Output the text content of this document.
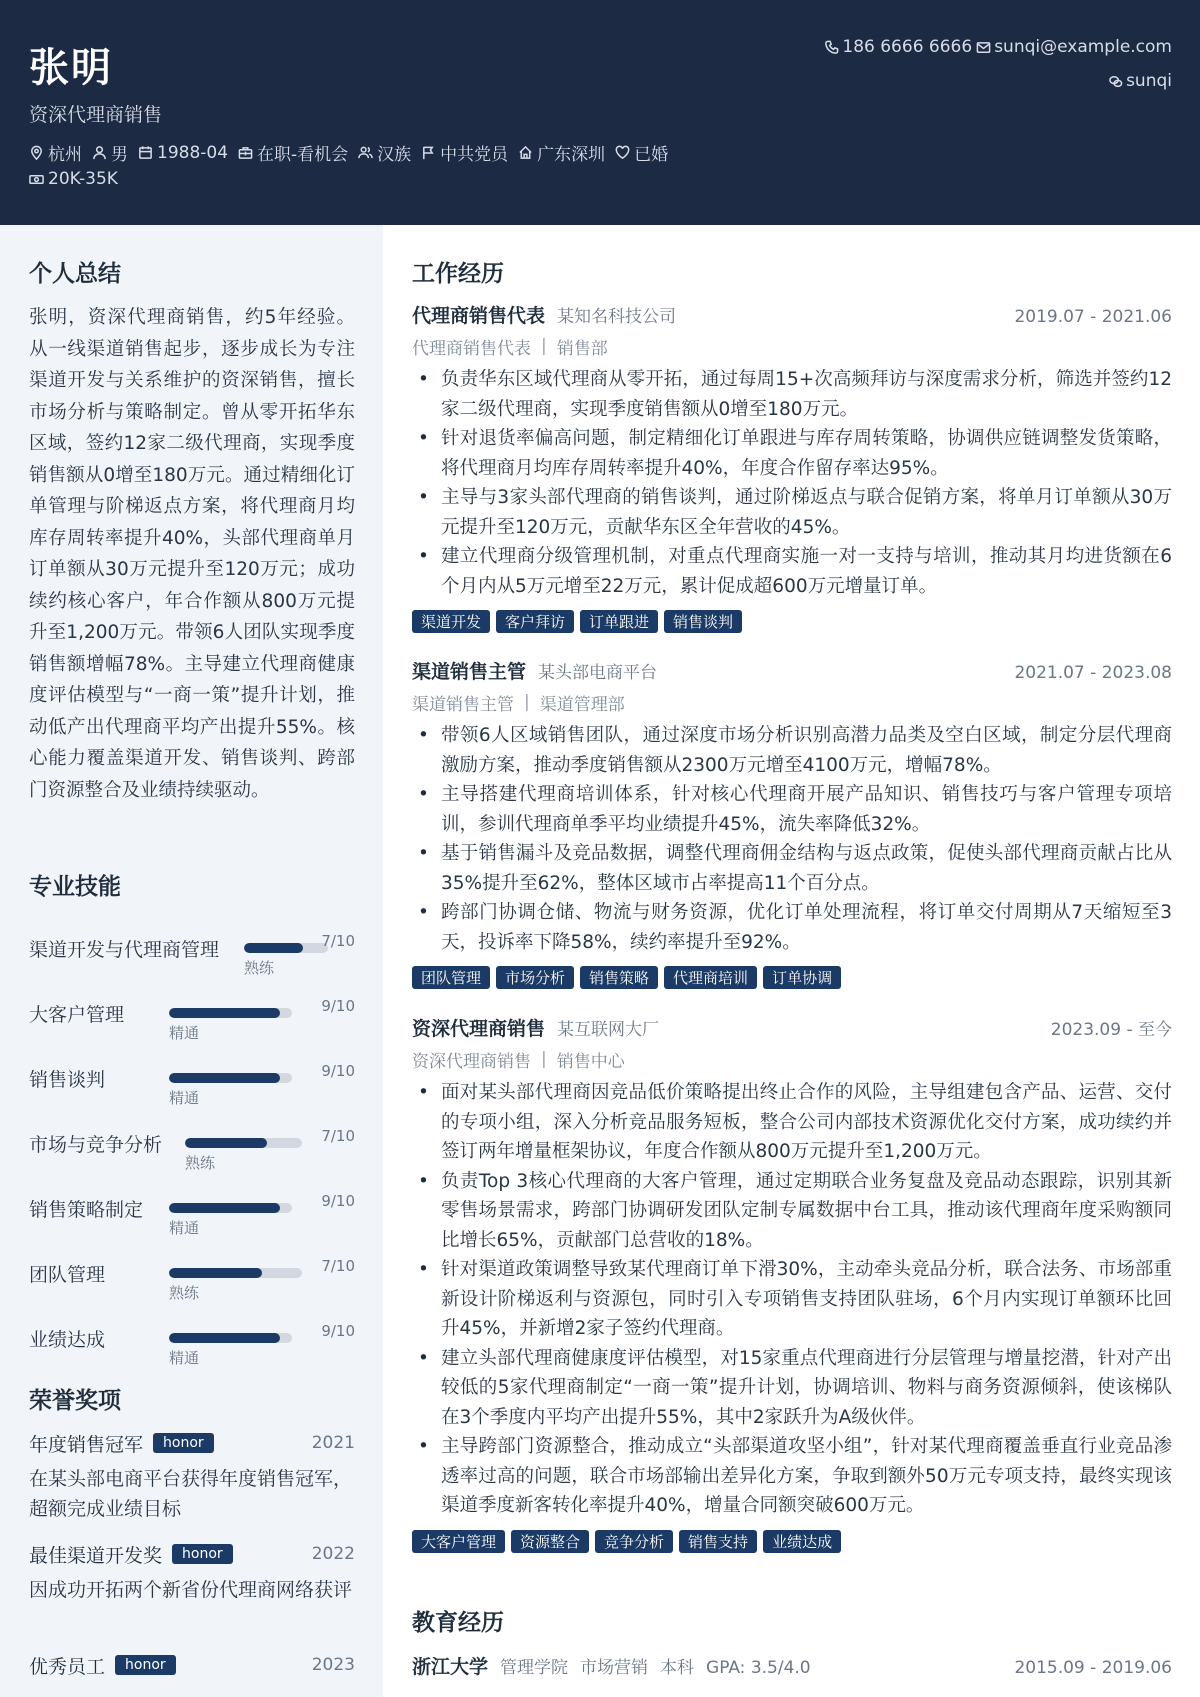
张明
资深代理商销售
杭州 男 1988-04 在职-看机会 汉族 中共党员 广东深圳 已婚
20K-35K
186 6666 6666 sunqi@example.com
sunqi
个人总结
张明，资深代理商销售，约5年经验。从一线渠道销售起步，逐步成长为专注渠道开发与关系维护的资深销售，擅长市场分析与策略制定。曾从零开拓华东区域，签约12家二级代理商，实现季度销售额从0增至180万元。通过精细化订单管理与阶梯返点方案，将代理商月均库存周转率提升40%，头部代理商单月订单额从30万元提升至120万元；成功续约核心客户，年合作额从800万元提升至1,200万元。带领6人团队实现季度销售额增幅78%。主导建立代理商健康度评估模型与“一商一策”提升计划，推动低产出代理商平均产出提升55%。核心能力覆盖渠道开发、销售谈判、跨部门资源整合及业绩持续驱动。
专业技能
渠道开发与代理商管理
熟练
7/10
大客户管理
精通
9/10
销售谈判
精通
9/10
市场与竞争分析
熟练
7/10
销售策略制定
精通
9/10
团队管理
熟练
7/10
业绩达成
精通
9/10
荣誉奖项
年度销售冠军	honor	2021
在某头部电商平台获得年度销售冠军，超额完成业绩目标
最佳渠道开发奖	honor	2022
因成功开拓两个新省份代理商网络获评
优秀员工	honor	2023
工作经历
代理商销售代表 某知名科技公司	2019.07 - 2021.06
代理商销售代表 | 销售部
• 负责华东区域代理商从零开拓，通过每周15+次高频拜访与深度需求分析，筛选并签约12家二级代理商，实现季度销售额从0增至180万元。
• 针对退货率偏高问题，制定精细化订单跟进与库存周转策略，协调供应链调整发货策略，将代理商月均库存周转率提升40%，年度合作留存率达95%。
• 主导与3家头部代理商的销售谈判，通过阶梯返点与联合促销方案，将单月订单额从30万元提升至120万元，贡献华东区全年营收的45%。
• 建立代理商分级管理机制，对重点代理商实施一对一支持与培训，推动其月均进货额在6个月内从5万元增至22万元，累计促成超600万元增量订单。
渠道开发	客户拜访	订单跟进	销售谈判
渠道销售主管 某头部电商平台	2021.07 - 2023.08
渠道销售主管 | 渠道管理部
• 带领6人区域销售团队，通过深度市场分析识别高潜力品类及空白区域，制定分层代理商激励方案，推动季度销售额从2300万元增至4100万元，增幅78%。
• 主导搭建代理商培训体系，针对核心代理商开展产品知识、销售技巧与客户管理专项培训，参训代理商单季平均业绩提升45%，流失率降低32%。
• 基于销售漏斗及竞品数据，调整代理商佣金结构与返点政策，促使头部代理商贡献占比从35%提升至62%，整体区域市占率提高11个百分点。
• 跨部门协调仓储、物流与财务资源，优化订单处理流程，将订单交付周期从7天缩短至3天，投诉率下降58%，续约率提升至92%。
团队管理	市场分析	销售策略	代理商培训	订单协调
资深代理商销售 某互联网大厂	2023.09 - 至今
资深代理商销售 | 销售中心
• 面对某头部代理商因竞品低价策略提出终止合作的风险，主导组建包含产品、运营、交付的专项小组，深入分析竞品服务短板，整合公司内部技术资源优化交付方案，成功续约并签订两年增量框架协议，年度合作额从800万元提升至1,200万元。
• 负责Top 3核心代理商的大客户管理，通过定期联合业务复盘及竞品动态跟踪，识别其新零售场景需求，跨部门协调研发团队定制专属数据中台工具，推动该代理商年度采购额同比增长65%，贡献部门总营收的18%。
• 针对渠道政策调整导致某代理商订单下滑30%，主动牵头竞品分析，联合法务、市场部重新设计阶梯返利与资源包，同时引入专项销售支持团队驻场，6个月内实现订单额环比回升45%，并新增2家子签约代理商。
• 建立头部代理商健康度评估模型，对15家重点代理商进行分层管理与增量挖潜，针对产出较低的5家代理商制定“一商一策”提升计划，协调培训、物料与商务资源倾斜，使该梯队在3个季度内平均产出提升55%，其中2家跃升为A级伙伴。
• 主导跨部门资源整合，推动成立“头部渠道攻坚小组”，针对某代理商覆盖垂直行业竞品渗透率过高的问题，联合市场部输出差异化方案，争取到额外50万元专项支持，最终实现该渠道季度新客转化率提升40%，增量合同额突破600万元。
大客户管理	资源整合	竞争分析	销售支持	业绩达成
教育经历
浙江大学 管理学院 市场营销 本科 GPA: 3.5/4.0	2015.09 - 2019.06
